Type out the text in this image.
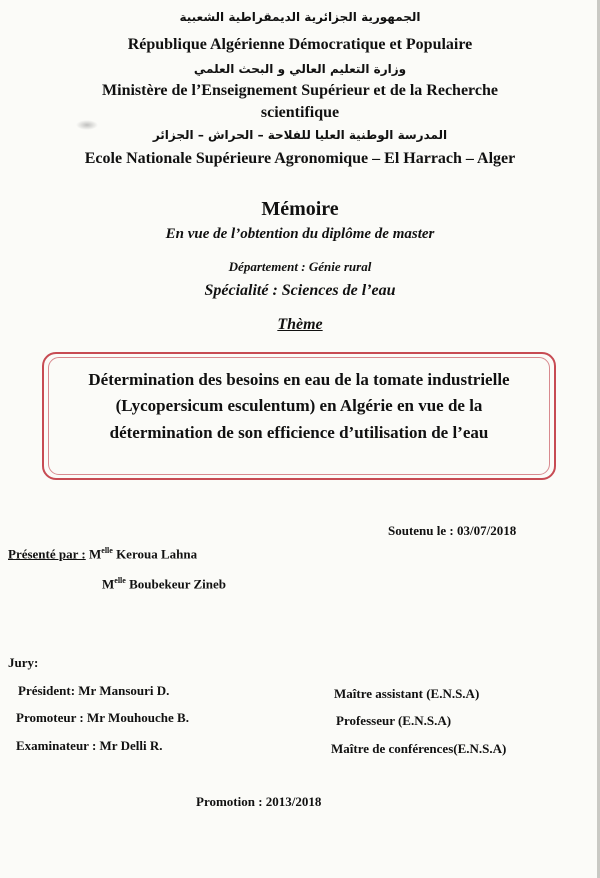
الجمهورية الجزائرية الديمقراطية الشعبية
République Algérienne Démocratique et Populaire
وزارة التعليم العالي و البحث العلمي
Ministère de l’Enseignement Supérieur et de la Recherche
scientifique
المدرسة الوطنية العليا للفلاحة – الحراش – الجزائر
Ecole Nationale Supérieure Agronomique – El Harrach – Alger
Mémoire
En vue de l’obtention du diplôme de master
Département : Génie rural
Spécialité : Sciences de l’eau
Thème
Détermination des besoins en eau de la tomate industrielle
(Lycopersicum esculentum) en Algérie en vue de la
détermination de son efficience d’utilisation de l’eau
Soutenu le : 03/07/2018
Présenté par : $M^{elle}$ Keroua Lahna
$M^{elle}$ Boubekeur Zineb
Jury:
Président: Mr Mansouri D.	Maître assistant (E.N.S.A)
Promoteur : Mr Mouhouche B.	Professeur (E.N.S.A)
Examinateur : Mr Delli R.	Maître de conférences(E.N.S.A)
Promotion : 2013/2018
